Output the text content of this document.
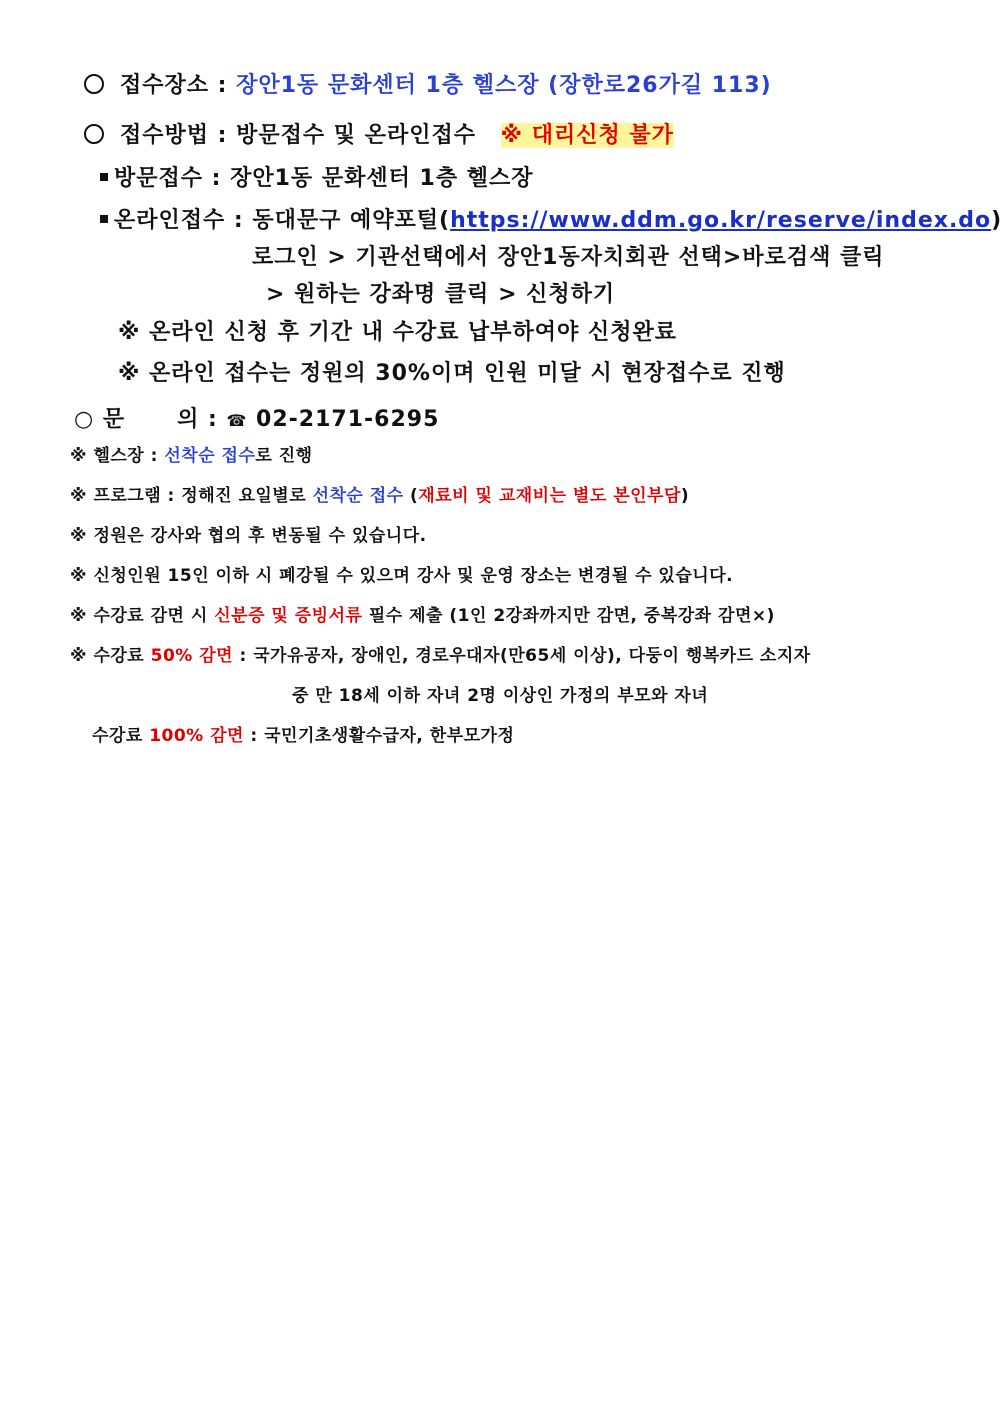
접수장소 : 장안1동 문화센터 1층 헬스장 (장한로26가길 113)
접수방법 : 방문접수 및 온라인접수 ※ 대리신청 불가
방문접수 : 장안1동 문화센터 1층 헬스장
온라인접수 : 동대문구 예약포털(https://www.ddm.go.kr/reserve/index.do)
로그인 > 기관선택에서 장안1동자치회관 선택>바로검색 클릭
> 원하는 강좌명 클릭 > 신청하기
※ 온라인 신청 후 기간 내 수강료 납부하여야 신청완료
※ 온라인 접수는 정원의 30%이며 인원 미달 시 현장접수로 진행
○ 문      의 : ☎ 02-2171-6295
※ 헬스장 : 선착순 접수로 진행
※ 프로그램 : 정해진 요일별로 선착순 접수 (재료비 및 교재비는 별도 본인부담)
※ 정원은 강사와 협의 후 변동될 수 있습니다.
※ 신청인원 15인 이하 시 폐강될 수 있으며 강사 및 운영 장소는 변경될 수 있습니다.
※ 수강료 감면 시 신분증 및 증빙서류 필수 제출 (1인 2강좌까지만 감면, 중복강좌 감면×)
※ 수강료 50% 감면 : 국가유공자, 장애인, 경로우대자(만65세 이상), 다둥이 행복카드 소지자
중 만 18세 이하 자녀 2명 이상인 가정의 부모와 자녀
수강료 100% 감면 : 국민기초생활수급자, 한부모가정
